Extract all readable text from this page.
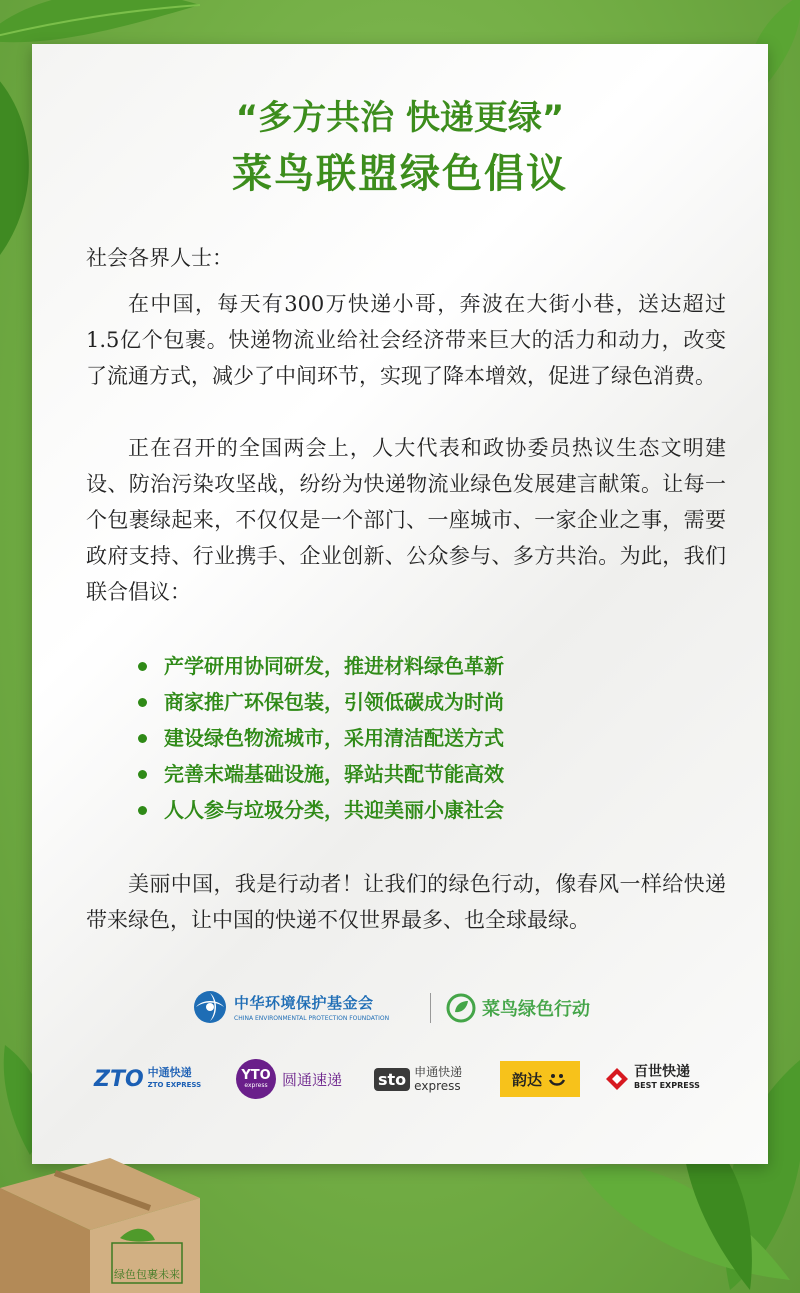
“多方共治 快递更绿”
菜鸟联盟绿色倡议
社会各界人士：

在中国，每天有300万快递小哥，奔波在大街小巷，送达超过1.5亿个包裹。快递物流业给社会经济带来巨大的活力和动力，改变了流通方式，减少了中间环节，实现了降本增效，促进了绿色消费。

正在召开的全国两会上，人大代表和政协委员热议生态文明建设、防治污染攻坚战，纷纷为快递物流业绿色发展建言献策。让每一个包裹绿起来，不仅仅是一个部门、一座城市、一家企业之事，需要政府支持、行业携手、企业创新、公众参与、多方共治。为此，我们联合倡议：

产学研用协同研发，推进材料绿色革新
商家推广环保包装，引领低碳成为时尚
建设绿色物流城市，采用清洁配送方式
完善末端基础设施，驿站共配节能高效
人人参与垃圾分类，共迎美丽小康社会

美丽中国，我是行动者！让我们的绿色行动，像春风一样给快递带来绿色，让中国的快递不仅世界最多、也全球最绿。

中华环境保护基金会
CHINA ENVIRONMENTAL PROTECTION FOUNDATION	菜鸟绿色行动
ZTO 中通快递
ZTO EXPRESS
YTO
express 圆通速递 sto 申通快递
express	韵达	百世快递
BEST EXPRESS
绿色包裹未来
